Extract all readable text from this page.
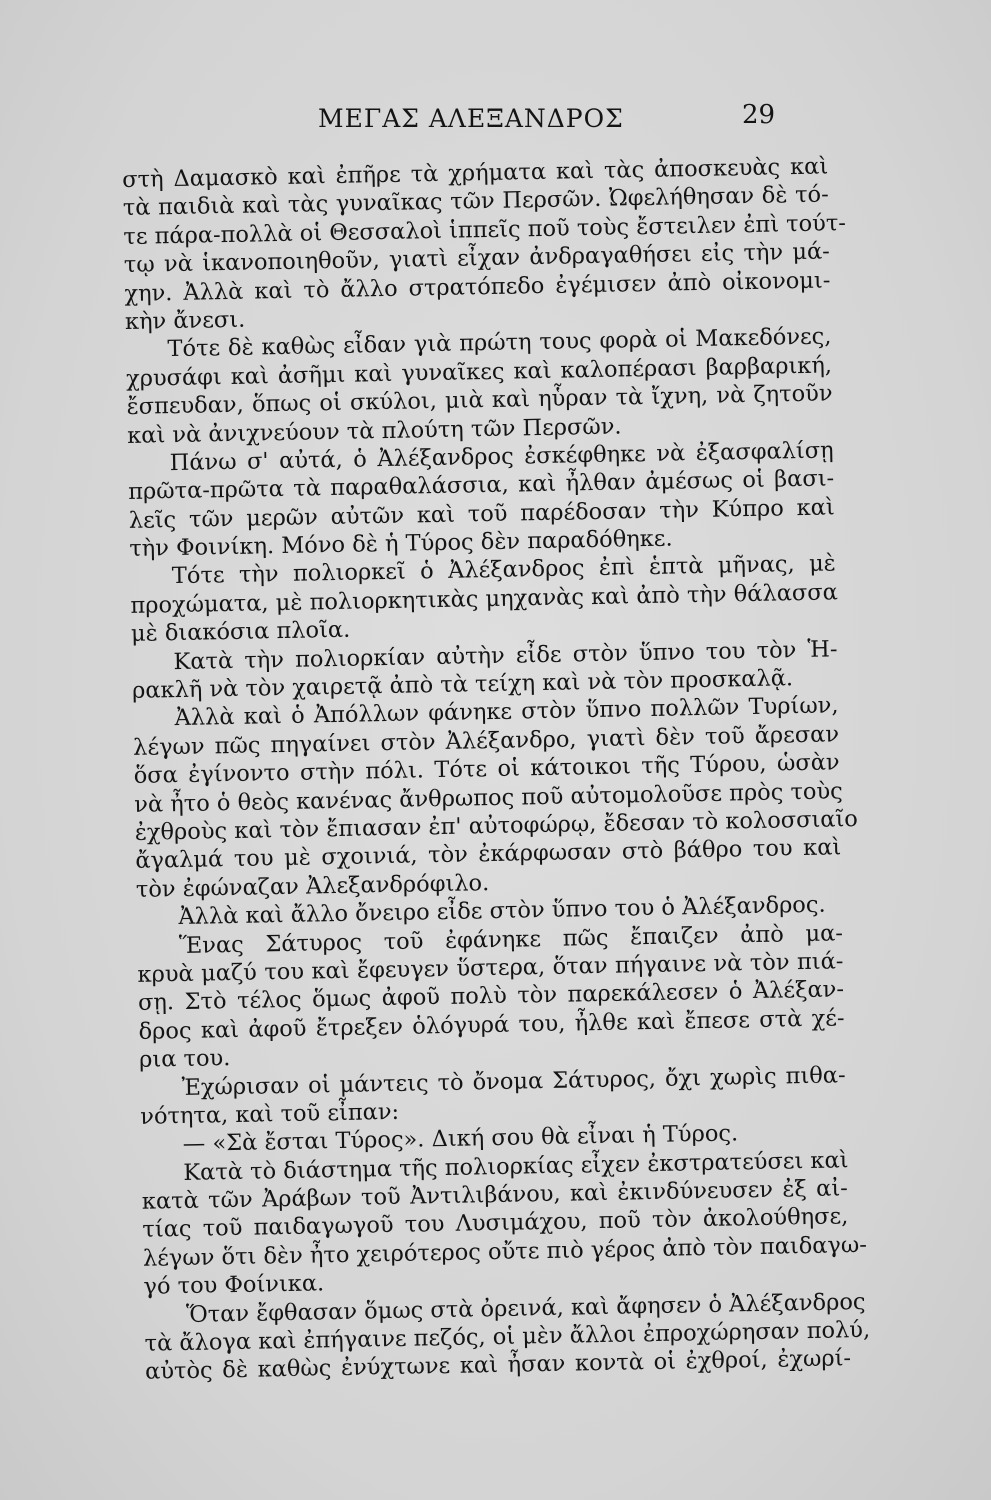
ΜΕΓΑΣ ΑΛΕΞΑΝΔΡΟΣ	29
στὴ Δαμασκὸ καὶ ἐπῆρε τὰ χρήματα καὶ τὰς ἀποσκευὰς καὶ
τὰ παιδιὰ καὶ τὰς γυναῖκας τῶν Περσῶν. Ὠφελήθησαν δὲ τό-
τε πάρα-πολλὰ οἱ Θεσσαλοὶ ἱππεῖς ποῦ τοὺς ἔστειλεν ἐπὶ τούτ-
τῳ νὰ ἱκανοποιηθοῦν, γιατὶ εἶχαν ἀνδραγαθήσει εἰς τὴν μά-
χην. Ἀλλὰ καὶ τὸ ἄλλο στρατόπεδο ἐγέμισεν ἀπὸ οἰκονομι-
κὴν ἄνεσι.
Τότε δὲ καθὼς εἶδαν γιὰ πρώτη τους φορὰ οἱ Μακεδόνες,
χρυσάφι καὶ ἀσῆμι καὶ γυναῖκες καὶ καλοπέρασι βαρβαρική,
ἔσπευδαν, ὅπως οἱ σκύλοι, μιὰ καὶ ηὗραν τὰ ἴχνη, νὰ ζητοῦν
καὶ νὰ ἀνιχνεύουν τὰ πλούτη τῶν Περσῶν.
Πάνω σ' αὐτά, ὁ Ἀλέξανδρος ἐσκέφθηκε νὰ ἐξασφαλίσῃ
πρῶτα-πρῶτα τὰ παραθαλάσσια, καὶ ἦλθαν ἀμέσως οἱ βασι-
λεῖς τῶν μερῶν αὐτῶν καὶ τοῦ παρέδοσαν τὴν Κύπρο καὶ
τὴν Φοινίκη. Μόνο δὲ ἡ Τύρος δὲν παραδόθηκε.
Τότε τὴν πολιορκεῖ ὁ Ἀλέξανδρος ἐπὶ ἑπτὰ μῆνας, μὲ
προχώματα, μὲ πολιορκητικὰς μηχανὰς καὶ ἀπὸ τὴν θάλασσα
μὲ διακόσια πλοῖα.
Κατὰ τὴν πολιορκίαν αὐτὴν εἶδε στὸν ὕπνο του τὸν Ἡ-
ρακλῆ νὰ τὸν χαιρετᾷ ἀπὸ τὰ τείχη καὶ νὰ τὸν προσκαλᾷ.
Ἀλλὰ καὶ ὁ Ἀπόλλων φάνηκε στὸν ὕπνο πολλῶν Τυρίων,
λέγων πῶς πηγαίνει στὸν Ἀλέξανδρο, γιατὶ δὲν τοῦ ἄρεσαν
ὅσα ἐγίνοντο στὴν πόλι. Τότε οἱ κάτοικοι τῆς Τύρου, ὡσὰν
νὰ ἦτο ὁ θεὸς κανένας ἄνθρωπος ποῦ αὐτομολοῦσε πρὸς τοὺς
ἐχθροὺς καὶ τὸν ἔπιασαν ἐπ' αὐτοφώρῳ, ἔδεσαν τὸ κολοσσιαῖο
ἄγαλμά του μὲ σχοινιά, τὸν ἐκάρφωσαν στὸ βάθρο του καὶ
τὸν ἐφώναζαν Ἀλεξανδρόφιλο.
Ἀλλὰ καὶ ἄλλο ὄνειρο εἶδε στὸν ὕπνο του ὁ Ἀλέξανδρος.
Ἕνας Σάτυρος τοῦ ἐφάνηκε πῶς ἔπαιζεν ἀπὸ μα-
κρυὰ μαζύ του καὶ ἔφευγεν ὕστερα, ὅταν πήγαινε νὰ τὸν πιά-
σῃ. Στὸ τέλος ὅμως ἀφοῦ πολὺ τὸν παρεκάλεσεν ὁ Ἀλέξαν-
δρος καὶ ἀφοῦ ἔτρεξεν ὁλόγυρά του, ἦλθε καὶ ἔπεσε στὰ χέ-
ρια του.
Ἐχώρισαν οἱ μάντεις τὸ ὄνομα Σάτυρος, ὄχι χωρὶς πιθα-
νότητα, καὶ τοῦ εἶπαν:
— «Σὰ ἔσται Τύρος». Δική σου θὰ εἶναι ἡ Τύρος.
Κατὰ τὸ διάστημα τῆς πολιορκίας εἶχεν ἐκστρατεύσει καὶ
κατὰ τῶν Ἀράβων τοῦ Ἀντιλιβάνου, καὶ ἐκινδύνευσεν ἐξ αἰ-
τίας τοῦ παιδαγωγοῦ του Λυσιμάχου, ποῦ τὸν ἀκολούθησε,
λέγων ὅτι δὲν ἦτο χειρότερος οὔτε πιὸ γέρος ἀπὸ τὸν παιδαγω-
γό του Φοίνικα.
Ὅταν ἔφθασαν ὅμως στὰ ὀρεινά, καὶ ἄφησεν ὁ Ἀλέξανδρος
τὰ ἄλογα καὶ ἐπήγαινε πεζός, οἱ μὲν ἄλλοι ἐπροχώρησαν πολύ,
αὐτὸς δὲ καθὼς ἐνύχτωνε καὶ ἦσαν κοντὰ οἱ ἐχθροί, ἐχωρί-
